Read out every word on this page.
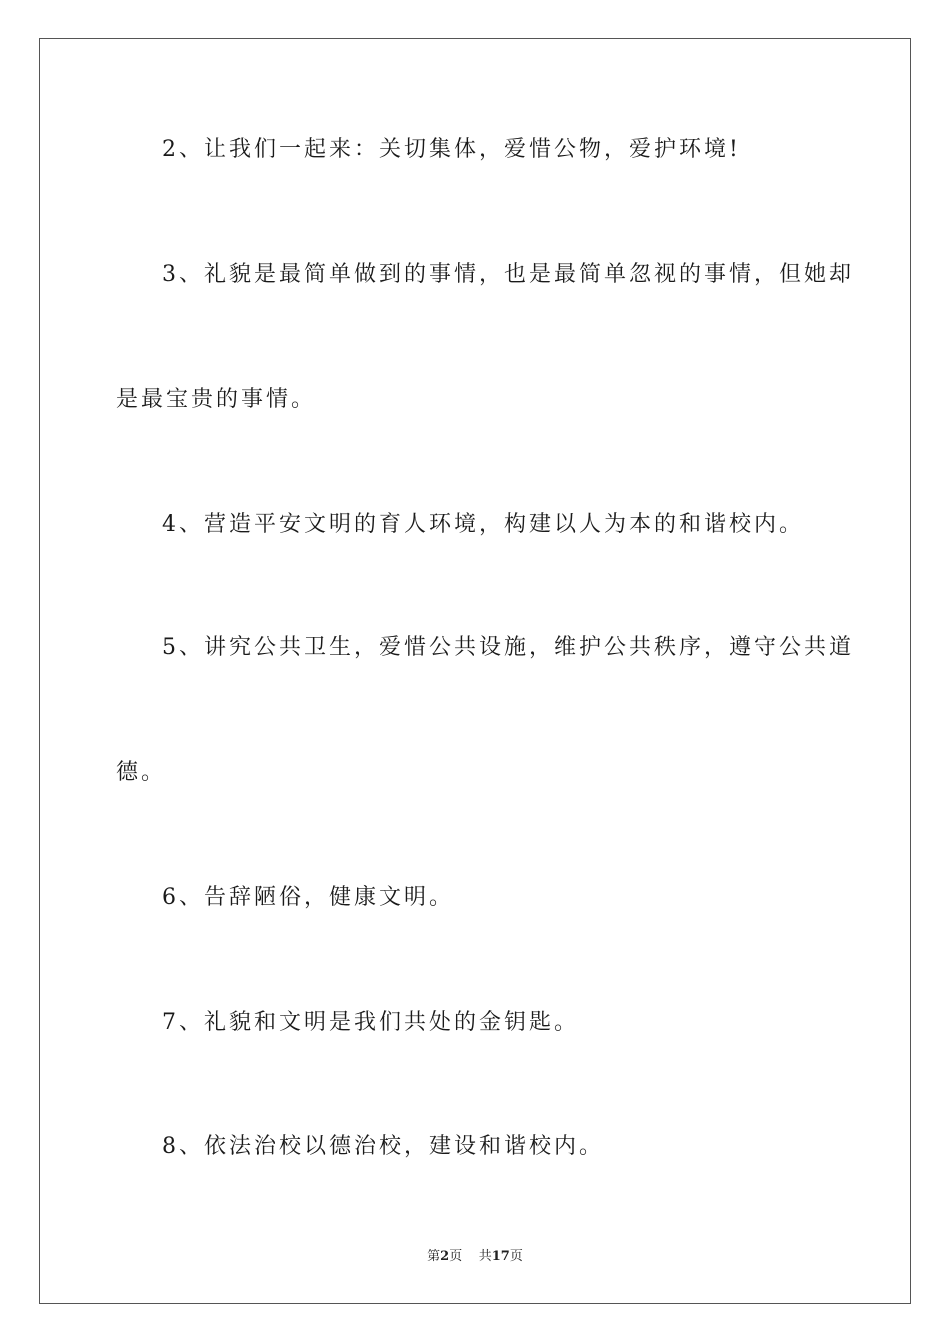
2、让我们一起来：关切集体，爱惜公物，爱护环境!
3、礼貌是最简单做到的事情，也是最简单忽视的事情，但她却
是最宝贵的事情。
4、营造平安文明的育人环境，构建以人为本的和谐校内。
5、讲究公共卫生，爱惜公共设施，维护公共秩序，遵守公共道
德。
6、告辞陋俗，健康文明。
7、礼貌和文明是我们共处的金钥匙。
8、依法治校以德治校，建设和谐校内。
第2页 共17页
